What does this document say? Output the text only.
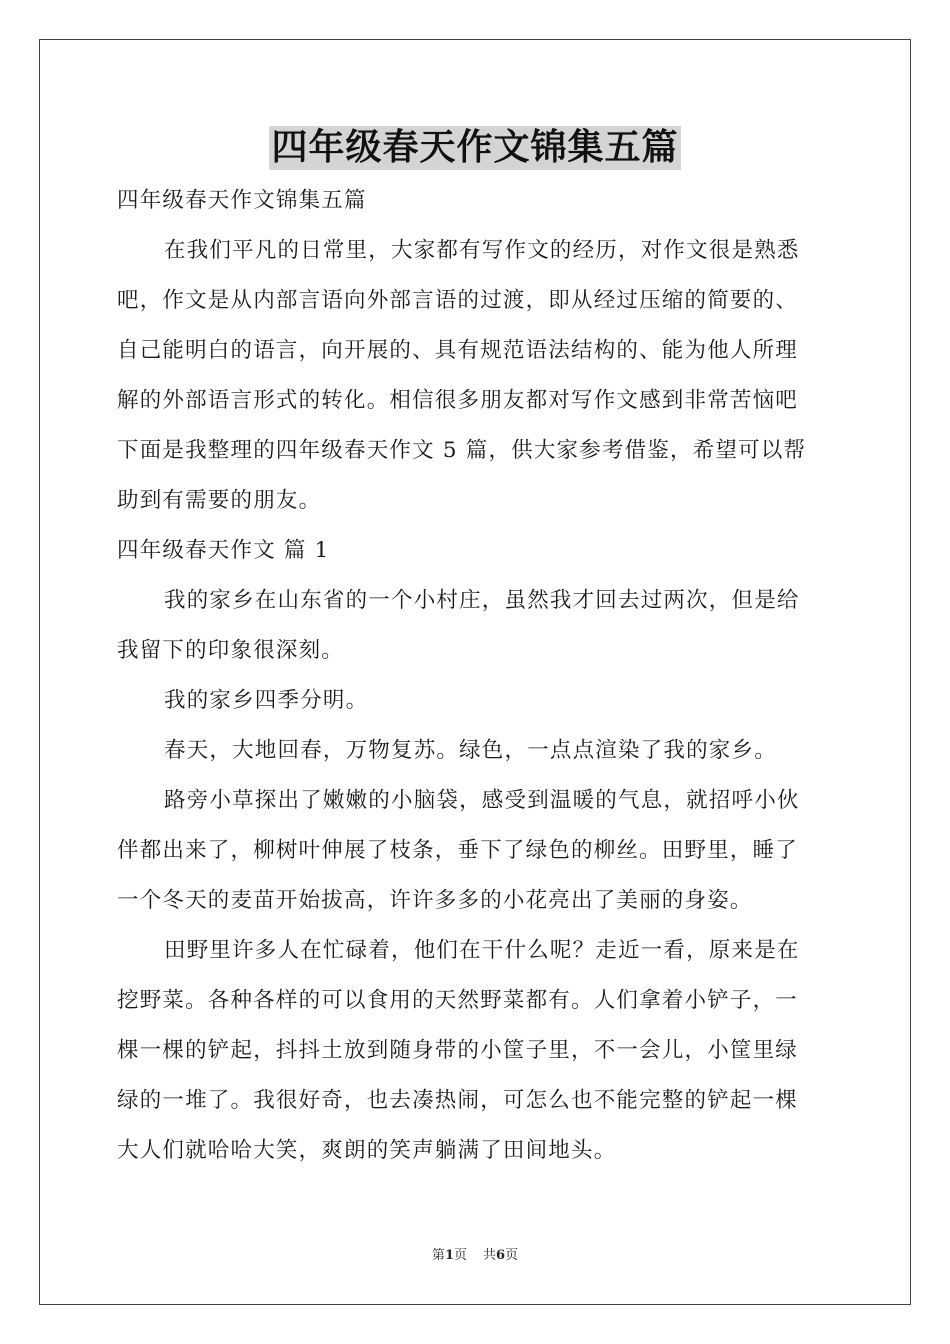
四年级春天作文锦集五篇
四年级春天作文锦集五篇
在我们平凡的日常里，大家都有写作文的经历，对作文很是熟悉
吧，作文是从内部言语向外部言语的过渡，即从经过压缩的简要的、
自己能明白的语言，向开展的、具有规范语法结构的、能为他人所理
解的外部语言形式的转化。相信很多朋友都对写作文感到非常苦恼吧
下面是我整理的四年级春天作文 5 篇，供大家参考借鉴，希望可以帮
助到有需要的朋友。
四年级春天作文 篇 1
我的家乡在山东省的一个小村庄，虽然我才回去过两次，但是给
我留下的印象很深刻。
我的家乡四季分明。
春天，大地回春，万物复苏。绿色，一点点渲染了我的家乡。
路旁小草探出了嫩嫩的小脑袋，感受到温暖的气息，就招呼小伙
伴都出来了，柳树叶伸展了枝条，垂下了绿色的柳丝。田野里，睡了
一个冬天的麦苗开始拔高，许许多多的小花亮出了美丽的身姿。
田野里许多人在忙碌着，他们在干什么呢？走近一看，原来是在
挖野菜。各种各样的可以食用的天然野菜都有。人们拿着小铲子，一
棵一棵的铲起，抖抖土放到随身带的小筐子里，不一会儿，小筐里绿
绿的一堆了。我很好奇，也去凑热闹，可怎么也不能完整的铲起一棵
大人们就哈哈大笑，爽朗的笑声躺满了田间地头。
第1页 共6页
